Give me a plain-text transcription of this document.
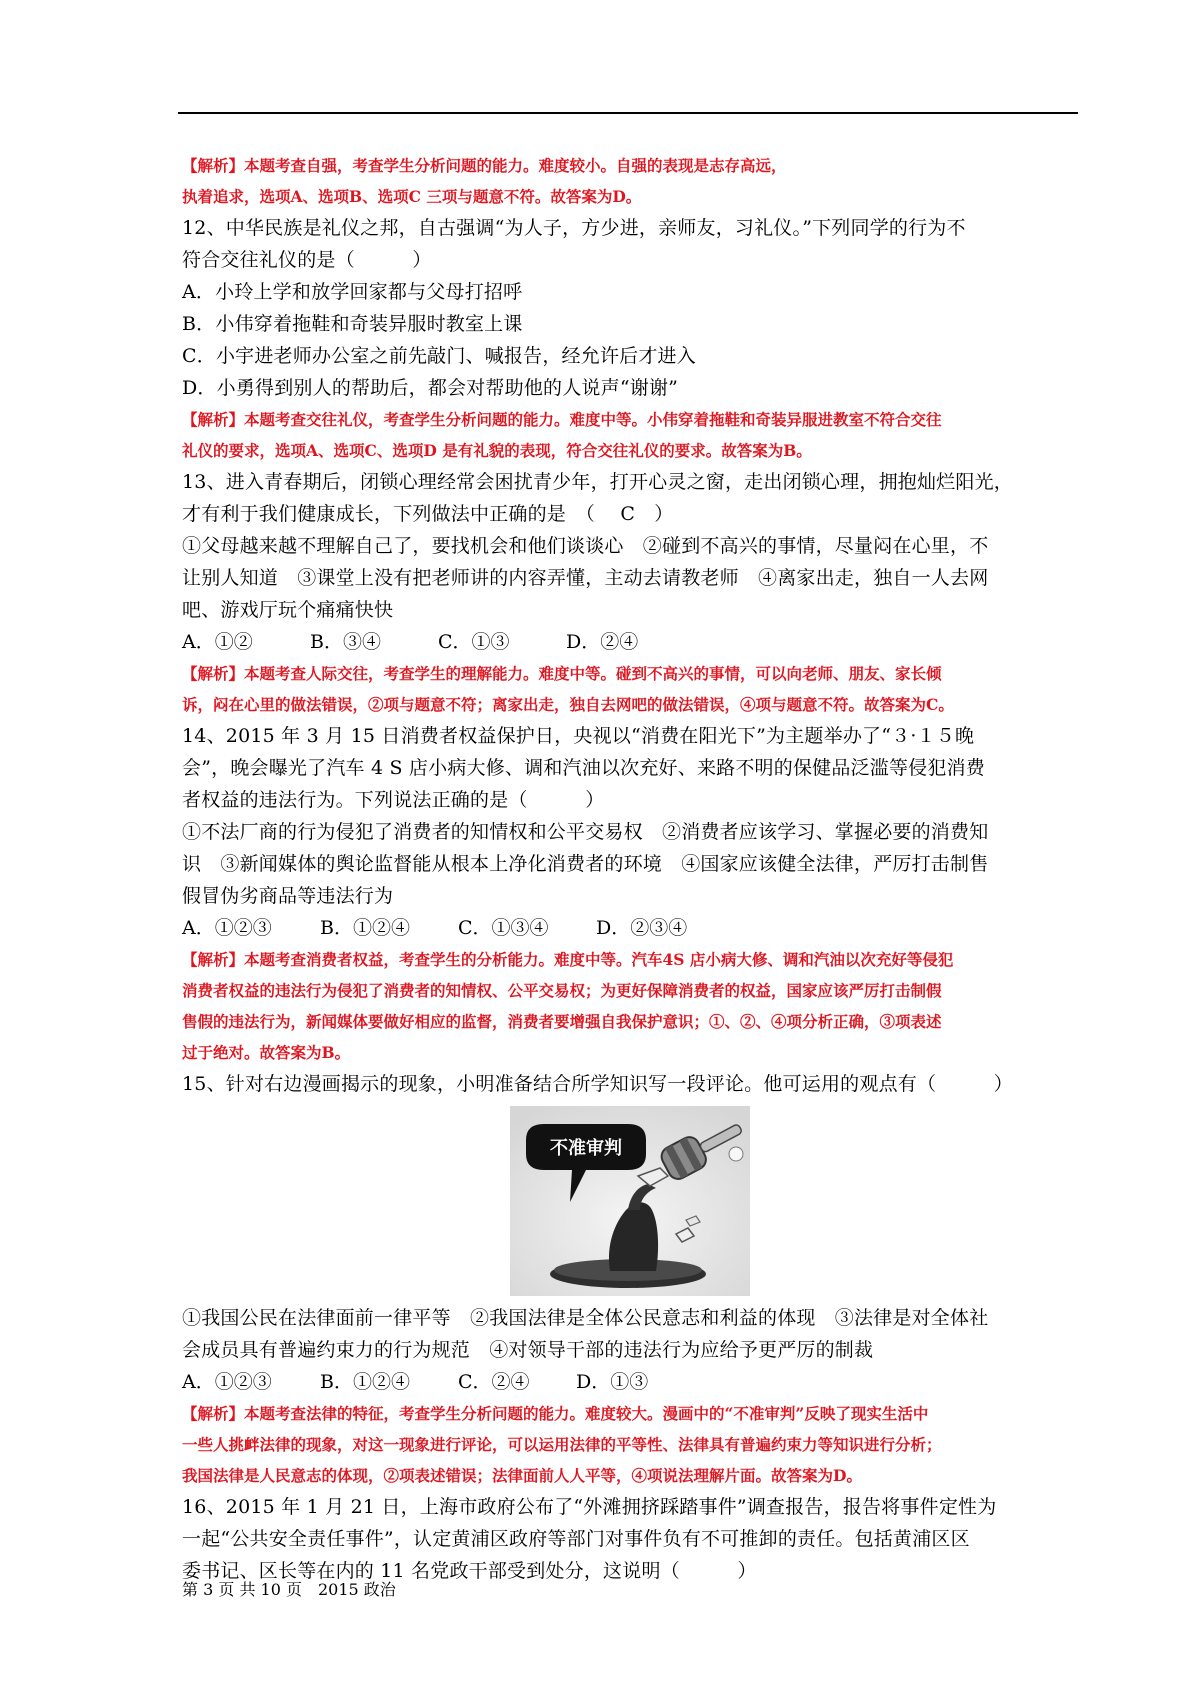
【解析】本题考查自强，考查学生分析问题的能力。难度较小。自强的表现是志存高远，
执着追求，选项A、选项B、选项C 三项与题意不符。故答案为D。
12、中华民族是礼仪之邦，自古强调“为人子，方少进，亲师友，习礼仪。”下列同学的行为不
符合交往礼仪的是（　　　）
A．小玲上学和放学回家都与父母打招呼
B．小伟穿着拖鞋和奇装异服时教室上课
C．小宇进老师办公室之前先敲门、喊报告，经允许后才进入
D．小勇得到别人的帮助后，都会对帮助他的人说声“谢谢”
【解析】本题考查交往礼仪，考查学生分析问题的能力。难度中等。小伟穿着拖鞋和奇装异服进教室不符合交往
礼仪的要求，选项A、选项C、选项D 是有礼貌的表现，符合交往礼仪的要求。故答案为B。
13、进入青春期后，闭锁心理经常会困扰青少年，打开心灵之窗，走出闭锁心理，拥抱灿烂阳光，
才有利于我们健康成长，下列做法中正确的是　（　 C　）
①父母越来越不理解自己了，要找机会和他们谈谈心　②碰到不高兴的事情，尽量闷在心里，不
让别人知道　③课堂上没有把老师讲的内容弄懂，主动去请教老师　④离家出走，独自一人去网
吧、游戏厅玩个痛痛快快
A．①②	B．③④	C．①③	D．②④
【解析】本题考查人际交往，考查学生的理解能力。难度中等。碰到不高兴的事情，可以向老师、朋友、家长倾
诉，闷在心里的做法错误，②项与题意不符；离家出走，独自去网吧的做法错误，④项与题意不符。故答案为C。
14、2015 年 3 月 15 日消费者权益保护日，央视以“消费在阳光下”为主题举办了“３·１５晚
会”，晚会曝光了汽车 4 S 店小病大修、调和汽油以次充好、来路不明的保健品泛滥等侵犯消费
者权益的违法行为。下列说法正确的是（　　　）
①不法厂商的行为侵犯了消费者的知情权和公平交易权　②消费者应该学习、掌握必要的消费知
识　③新闻媒体的舆论监督能从根本上净化消费者的环境　④国家应该健全法律，严厉打击制售
假冒伪劣商品等违法行为
A．①②③	B．①②④	C．①③④	D．②③④
【解析】本题考查消费者权益，考查学生的分析能力。难度中等。汽车4S 店小病大修、调和汽油以次充好等侵犯
消费者权益的违法行为侵犯了消费者的知情权、公平交易权；为更好保障消费者的权益，国家应该严厉打击制假
售假的违法行为，新闻媒体要做好相应的监督，消费者要增强自我保护意识；①、②、④项分析正确，③项表述
过于绝对。故答案为B。
15、针对右边漫画揭示的现象，小明准备结合所学知识写一段评论。他可运用的观点有（　　　）
不准审判
①我国公民在法律面前一律平等　②我国法律是全体公民意志和利益的体现　③法律是对全体社
会成员具有普遍约束力的行为规范　④对领导干部的违法行为应给予更严厉的制裁
A．①②③	B．①②④	C．②④	D．①③
【解析】本题考查法律的特征，考查学生分析问题的能力。难度较大。漫画中的“不准审判”反映了现实生活中
一些人挑衅法律的现象，对这一现象进行评论，可以运用法律的平等性、法律具有普遍约束力等知识进行分析；
我国法律是人民意志的体现，②项表述错误；法律面前人人平等，④项说法理解片面。故答案为D。
16、2015 年 1 月 21 日，上海市政府公布了“外滩拥挤踩踏事件”调查报告，报告将事件定性为
一起“公共安全责任事件”，认定黄浦区政府等部门对事件负有不可推卸的责任。包括黄浦区区
委书记、区长等在内的 11 名党政干部受到处分，这说明（　　　）
第 3 页 共 10 页　2015 政治
